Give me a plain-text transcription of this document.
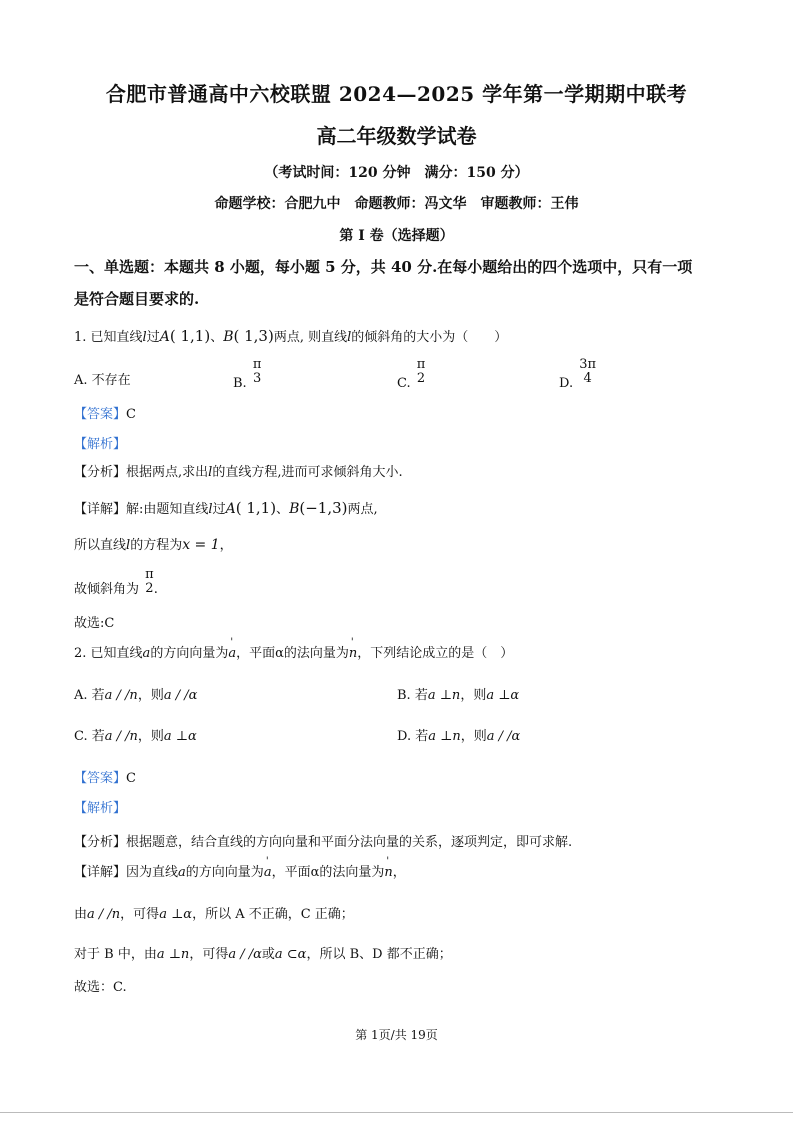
合肥市普通高中六校联盟 2024—2025 学年第一学期期中联考
高二年级数学试卷
（考试时间：120 分钟　满分：150 分）
命题学校：合肥九中　命题教师：冯文华　审题教师：王伟
第 I 卷（选择题）
一、单选题：本题共 8 小题，每小题 5 分，共 40 分.在每小题给出的四个选项中，只有一项
是符合题目要求的.
1. 已知直线l过A( 1,1)、B( 1,3)两点, 则直线l的倾斜角的大小为（　　）
A. 不存在	B.
π
3	C.
π
2	D.
3π
4
【答案】C
【解析】
【分析】根据两点,求出l的直线方程,进而可求倾斜角大小.
【详解】解:由题知直线l过A( 1,1)、B(−1,3)两点,
所以直线l的方程为x = 1，
故倾斜角为
π
2 .
故选:C
2. 已知直线a的方向向量为' a，平面α的法向量为' n，下列结论成立的是（　）
A. 若a / /n，则a / /α	B. 若a ⊥n，则a ⊥α
C. 若a / /n，则a ⊥α	D. 若a ⊥n，则a / /α
【答案】C
【解析】
【分析】根据题意，结合直线的方向向量和平面分法向量的关系，逐项判定，即可求解.
【详解】因为直线a的方向向量为' a，平面α的法向量为' n，
由a / /n，可得a ⊥α，所以 A 不正确，C 正确；
对于 B 中，由a ⊥n，可得a / /α或a ⊂α，所以 B、D 都不正确；
故选：C.
第 1页/共 19页
